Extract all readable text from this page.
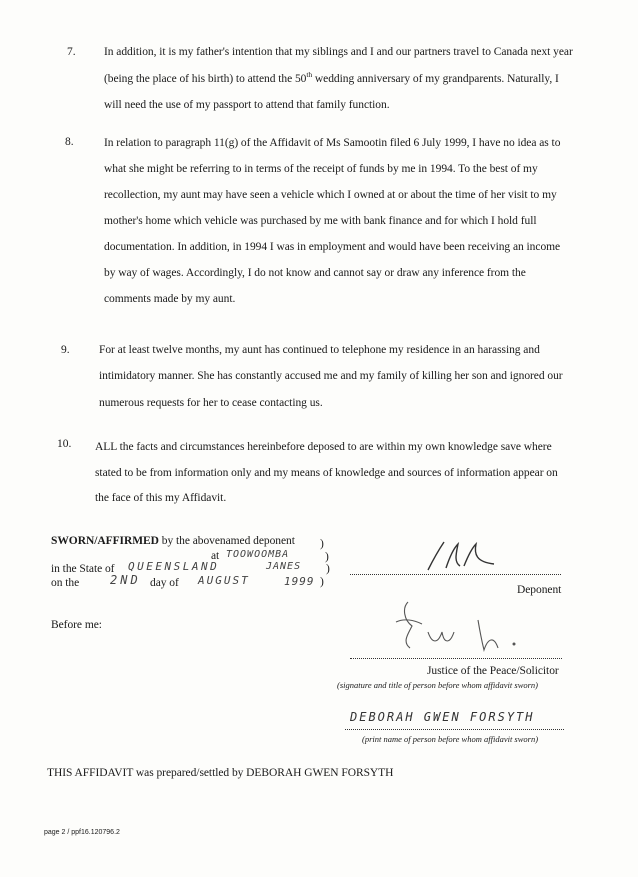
7. In addition, it is my father's intention that my siblings and I and our partners travel to Canada next year
(being the place of his birth) to attend the 50th wedding anniversary of my grandparents. Naturally, I
will need the use of my passport to attend that family function.
8.	In relation to paragraph 11(g) of the Affidavit of Ms Samootin filed 6 July 1999, I have no idea as to
what she might be referring to in terms of the receipt of funds by me in 1994. To the best of my
recollection, my aunt may have seen a vehicle which I owned at or about the time of her visit to my
mother's home which vehicle was purchased by me with bank finance and for which I hold full
documentation. In addition, in 1994 I was in employment and would have been receiving an income
by way of wages. Accordingly, I do not know and cannot say or draw any inference from the
comments made by my aunt.
9.	For at least twelve months, my aunt has continued to telephone my residence in an harassing and
intimidatory manner. She has constantly accused me and my family of killing her son and ignored our
numerous requests for her to cease contacting us.
10. ALL the facts and circumstances hereinbefore deposed to are within my own knowledge save where
stated to be from information only and my means of knowledge and sources of information appear on
the face of this my Affidavit.
SWORN/AFFIRMED by the abovenamed deponent )
at TOOWOOMBA	)
in the State of QUEENSLAND	JANES )
on the	2ND day of AUGUST	1999 )
Before me:
Deponent
Justice of the Peace/Solicitor
(signature and title of person before whom affidavit sworn)
DEBORAH GWEN FORSYTH
(print name of person before whom affidavit sworn)
THIS AFFIDAVIT was prepared/settled by DEBORAH GWEN FORSYTH
page 2 / ppf16.120796.2
